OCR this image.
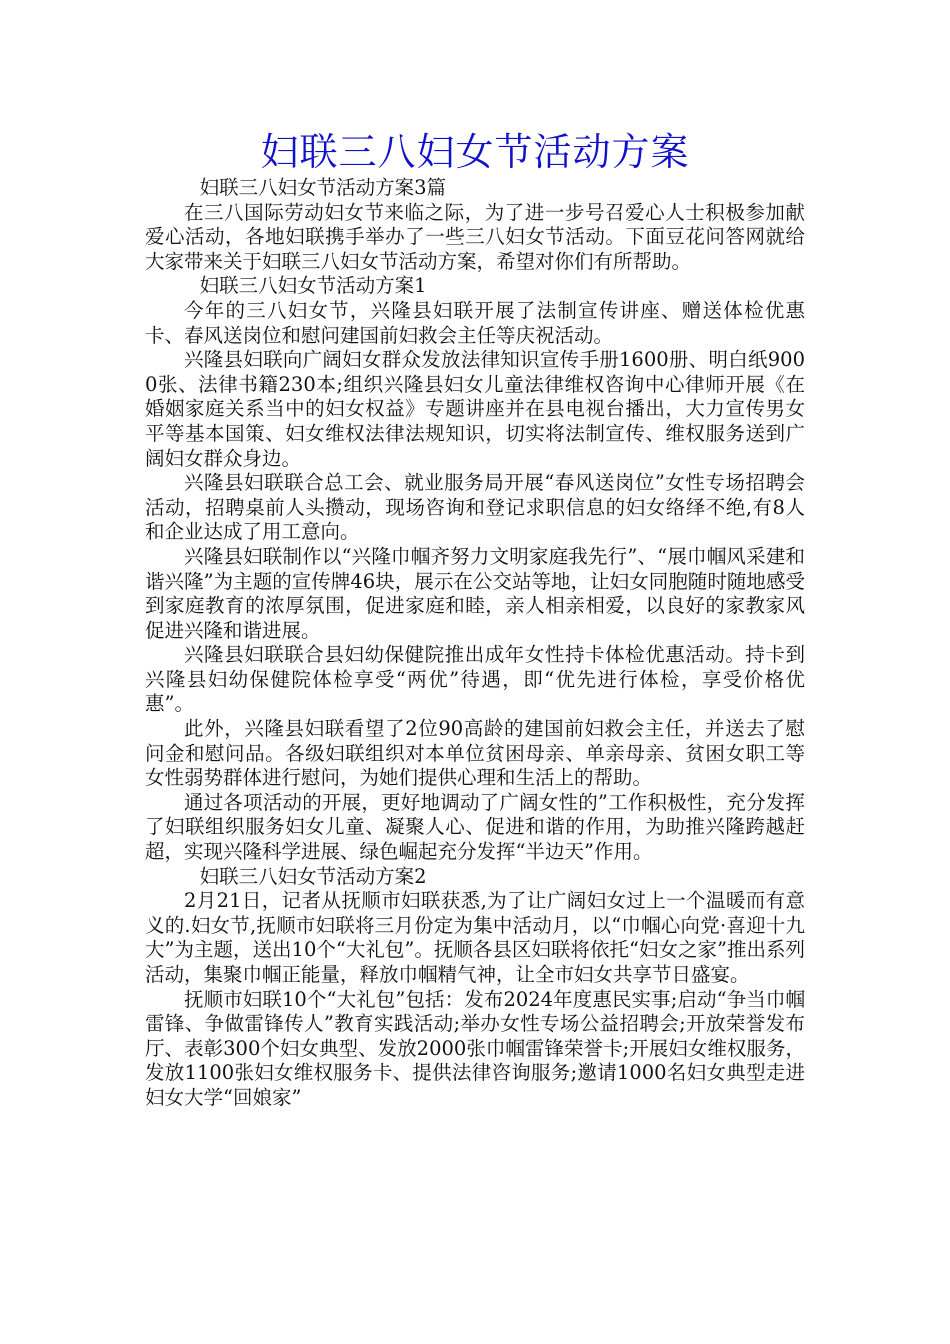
妇联三八妇女节活动方案

妇联三八妇女节活动方案3篇

在三八国际劳动妇女节来临之际，为了进一步号召爱心人士积极参加献爱心活动，各地妇联携手举办了一些三八妇女节活动。下面豆花问答网就给大家带来关于妇联三八妇女节活动方案，希望对你们有所帮助。

妇联三八妇女节活动方案1

今年的三八妇女节，兴隆县妇联开展了法制宣传讲座、赠送体检优惠卡、春风送岗位和慰问建国前妇救会主任等庆祝活动。

兴隆县妇联向广阔妇女群众发放法律知识宣传手册1600册、明白纸9000张、法律书籍230本;组织兴隆县妇女儿童法律维权咨询中心律师开展《在婚姻家庭关系当中的妇女权益》专题讲座并在县电视台播出，大力宣传男女平等基本国策、妇女维权法律法规知识，切实将法制宣传、维权服务送到广阔妇女群众身边。

兴隆县妇联联合总工会、就业服务局开展“春风送岗位”女性专场招聘会活动，招聘桌前人头攒动，现场咨询和登记求职信息的妇女络绎不绝,有8人和企业达成了用工意向。

兴隆县妇联制作以“兴隆巾帼齐努力文明家庭我先行”、“展巾帼风采建和谐兴隆”为主题的宣传牌46块，展示在公交站等地，让妇女同胞随时随地感受到家庭教育的浓厚氛围，促进家庭和睦，亲人相亲相爱，以良好的家教家风促进兴隆和谐进展。

兴隆县妇联联合县妇幼保健院推出成年女性持卡体检优惠活动。持卡到兴隆县妇幼保健院体检享受“两优”待遇，即“优先进行体检，享受价格优惠”。

此外，兴隆县妇联看望了2位90高龄的建国前妇救会主任，并送去了慰问金和慰问品。各级妇联组织对本单位贫困母亲、单亲母亲、贫困女职工等女性弱势群体进行慰问，为她们提供心理和生活上的帮助。

通过各项活动的开展，更好地调动了广阔女性的”工作积极性，充分发挥了妇联组织服务妇女儿童、凝聚人心、促进和谐的作用，为助推兴隆跨越赶超，实现兴隆科学进展、绿色崛起充分发挥“半边天”作用。

妇联三八妇女节活动方案2

2月21日，记者从抚顺市妇联获悉,为了让广阔妇女过上一个温暖而有意义的.妇女节,抚顺市妇联将三月份定为集中活动月，以“巾帼心向党·喜迎十九大”为主题，送出10个“大礼包”。抚顺各县区妇联将依托“妇女之家”推出系列活动，集聚巾帼正能量，释放巾帼精气神，让全市妇女共享节日盛宴。

抚顺市妇联10个“大礼包”包括：发布2024年度惠民实事;启动“争当巾帼雷锋、争做雷锋传人”教育实践活动;举办女性专场公益招聘会;开放荣誉发布厅、表彰300个妇女典型、发放2000张巾帼雷锋荣誉卡;开展妇女维权服务，发放1100张妇女维权服务卡、提供法律咨询服务;邀请1000名妇女典型走进妇女大学“回娘家”
